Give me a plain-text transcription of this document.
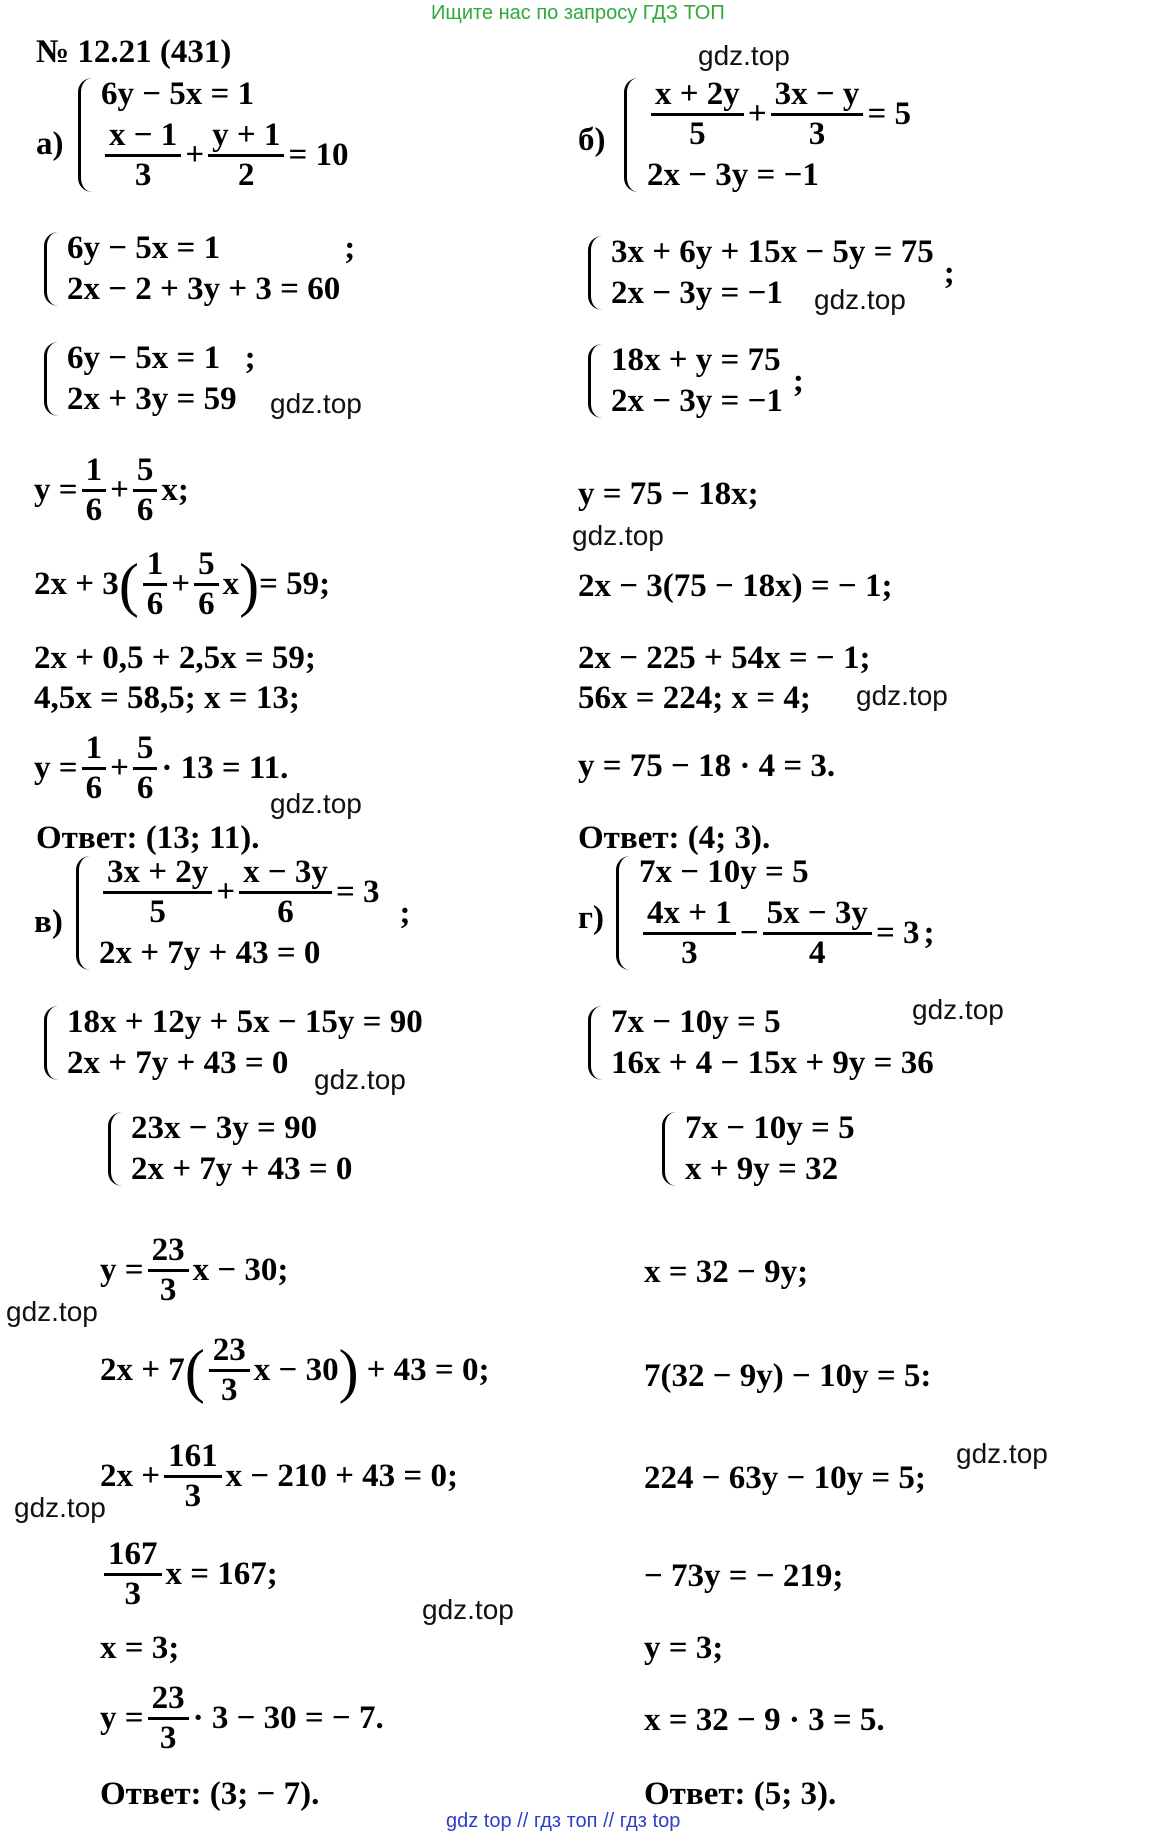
Ищите нас по запросу ГДЗ ТОП
№ 12.21 (431)
а)
6y − 5x = 1
$\frac{x - 1}{3} + \frac{y + 1}{2} = 10$
6y − 5x = 1
2x − 2 + 3y + 3 = 60
;
6y − 5x = 1
2x + 3y = 59
;
$y = \frac{1}{6} + \frac{5}{6} x$;
2x + 3 ( $\frac{1}{6} + \frac{5}{6}$ x ) = 59;
2x + 0,5 + 2,5x = 59;
4,5x = 58,5; x = 13;
$y = \frac{1}{6} + \frac{5}{6} \cdot 13 = 11$.
Ответ: (13; 11).
$б) \frac{x + 2y}{5} + \frac{3x - y}{3} = 5$
2x − 3y = −1
3x + 6y + 15x − 5y = 75
2x − 3y = −1
;
18x + y = 75
2x − 3y = −1
;
y = 75 − 18x;
2x − 3(75 − 18x) = − 1;
2x − 225 + 54x = − 1;
56x = 224; x = 4;
y = 75 − 18 · 4 = 3.
Ответ: (4; 3).
$в) \frac{3x + 2y}{5} + \frac{x - 3y}{6} = 3$
2x + 7y + 43 = 0
;
18x + 12y + 5x − 15y = 90
2x + 7y + 43 = 0
23x − 3y = 90
2x + 7y + 43 = 0
$y = \frac{23}{3}$ x − 30;
2x + 7 ( $\frac{23}{3}$ x − 30 ) + 43 = 0;
$2x + \frac{161}{3}$ x − 210 + 43 = 0;
$\frac{167}{3}$ x = 167;
x = 3;
$y = \frac{23}{3} \cdot 3 - 30$ = − 7.
Ответ: (3; − 7).
г)
7x − 10y = 5
$\frac{4x + 1}{3} - \frac{5x - 3y}{4} = 3$ ;
7x − 10y = 5
16x + 4 − 15x + 9y = 36
7x − 10y = 5
x + 9y = 32
x = 32 − 9y;
7(32 − 9y) − 10y = 5:
224 − 63y − 10y = 5;
− 73y = − 219;
y = 3;
x = 32 − 9 · 3 = 5.
Ответ: (5; 3).
gdz.top
gdz.top
gdz.top
gdz.top
gdz.top
gdz.top
gdz.top
gdz.top
gdz.top
gdz.top
gdz.top
gdz.top
gdz top // гдз топ // гдз top
